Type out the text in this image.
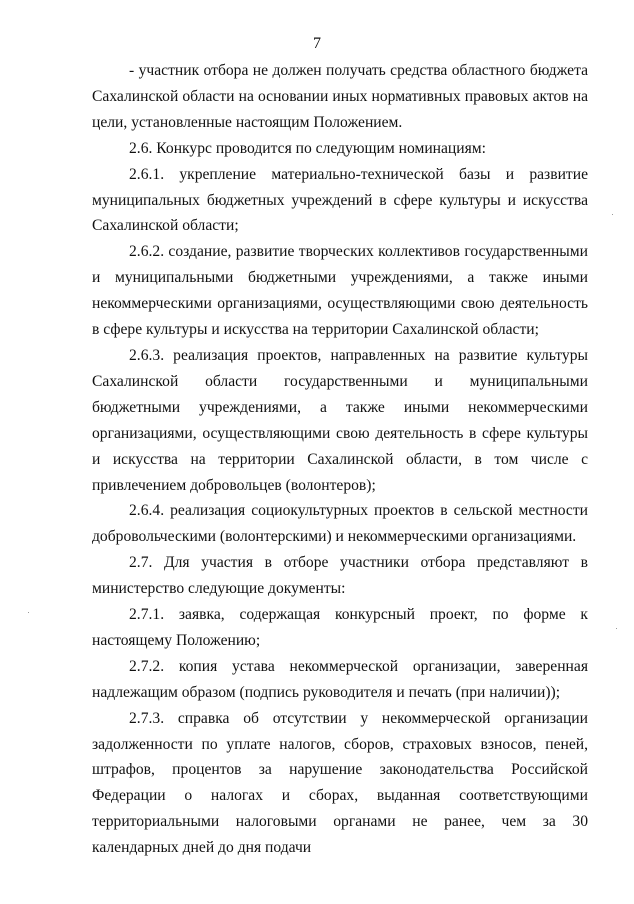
7

- участник отбора не должен получать средства областного бюджета Сахалинской области на основании иных нормативных правовых актов на цели, установленные настоящим Положением.

2.6. Конкурс проводится по следующим номинациям:

2.6.1. укрепление материально-технической базы и развитие муниципальных бюджетных учреждений в сфере культуры и искусства Сахалинской области;

2.6.2. создание, развитие творческих коллективов государственными и муниципальными бюджетными учреждениями, а также иными некоммерческими организациями, осуществляющими свою деятельность в сфере культуры и искусства на территории Сахалинской области;

2.6.3. реализация проектов, направленных на развитие культуры Сахалинской области государственными и муниципальными бюджетными учреждениями, а также иными некоммерческими организациями, осуществляющими свою деятельность в сфере культуры и искусства на территории Сахалинской области, в том числе с привлечением добровольцев (волонтеров);

2.6.4. реализация социокультурных проектов в сельской местности добровольческими (волонтерскими) и некоммерческими организациями.

2.7. Для участия в отборе участники отбора представляют в министерство следующие документы:

2.7.1. заявка, содержащая конкурсный проект, по форме к настоящему Положению;

2.7.2. копия устава некоммерческой организации, заверенная надлежащим образом (подпись руководителя и печать (при наличии));

2.7.3. справка об отсутствии у некоммерческой организации задолженности по уплате налогов, сборов, страховых взносов, пеней, штрафов, процентов за нарушение законодательства Российской Федерации о налогах и сборах, выданная соответствующими территориальными налоговыми органами не ранее, чем за 30 календарных дней до дня подачи
